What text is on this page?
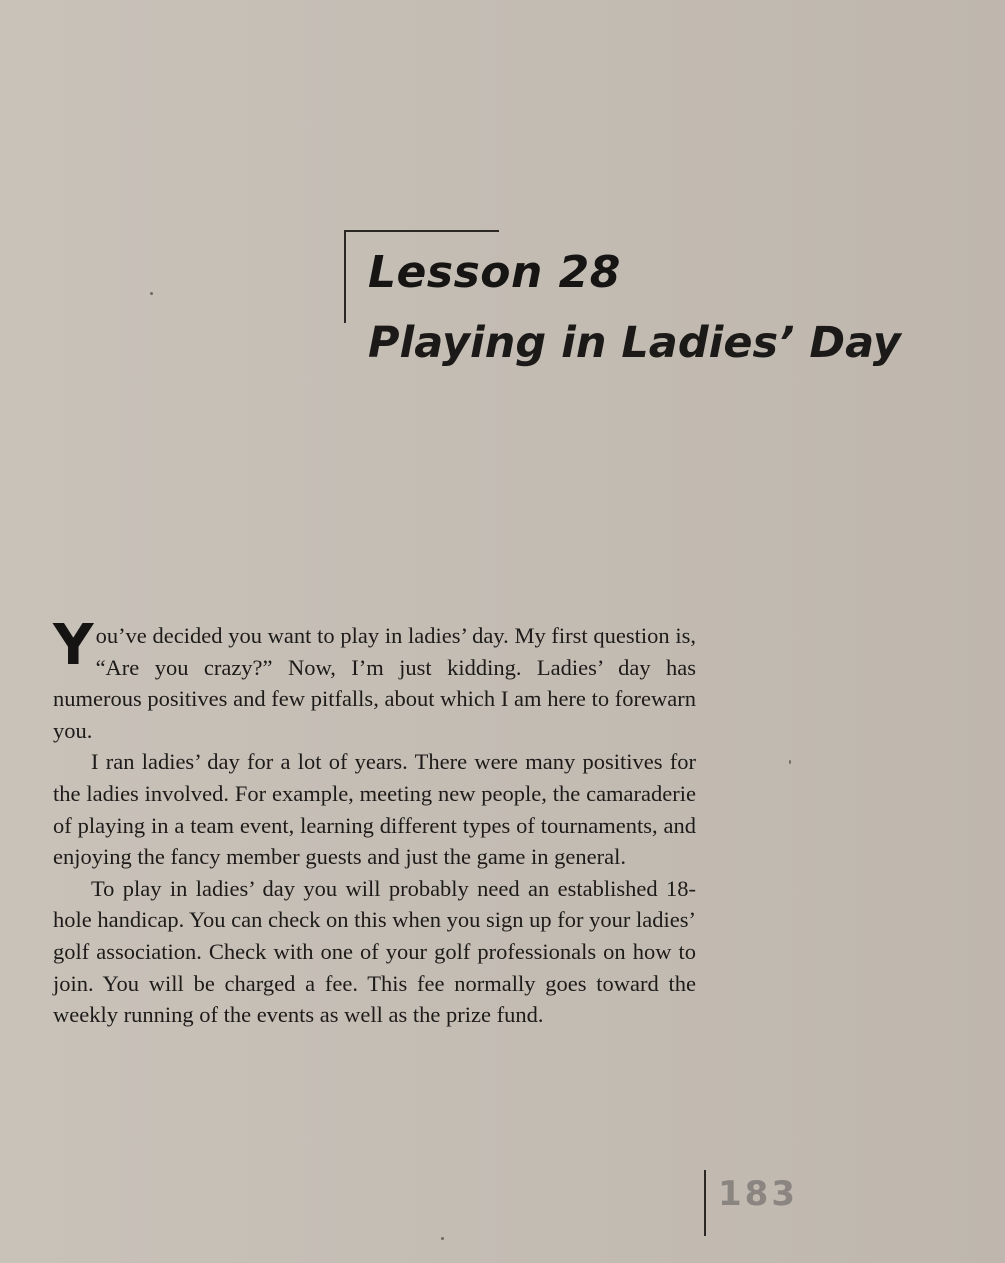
Lesson 28
Playing in Ladies’ Day

You’ve decided you want to play in ladies’ day. My first question is, “Are you crazy?” Now, I’m just kidding. Ladies’ day has numerous positives and few pitfalls, about which I am here to forewarn you.

I ran ladies’ day for a lot of years. There were many positives for the ladies involved. For example, meeting new people, the camaraderie of playing in a team event, learning different types of tournaments, and enjoying the fancy member guests and just the game in general.

To play in ladies’ day you will probably need an established 18-hole handicap. You can check on this when you sign up for your ladies’ golf association. Check with one of your golf professionals on how to join. You will be charged a fee. This fee normally goes toward the weekly running of the events as well as the prize fund.

183
